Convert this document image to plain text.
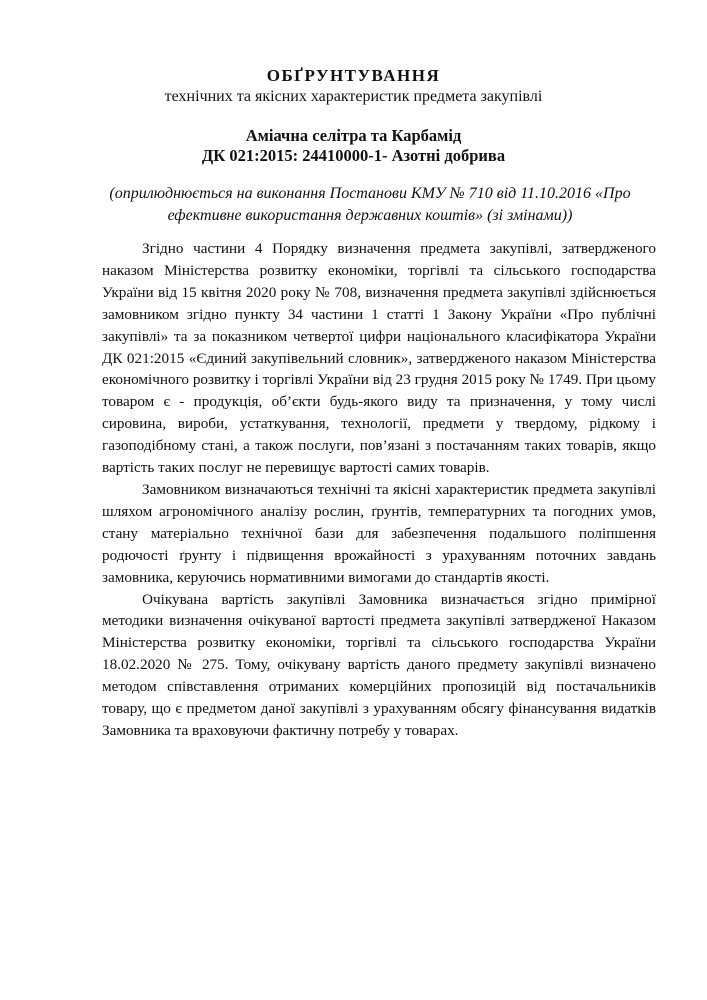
ОБҐРУНТУВАННЯ
технічних та якісних характеристик предмета закупівлі
Аміачна селітра та Карбамід
ДК 021:2015: 24410000-1- Азотні добрива
(оприлюднюється на виконання Постанови КМУ № 710 від 11.10.2016 «Про ефективне використання державних коштів» (зі змінами))

Згідно частини 4 Порядку визначення предмета закупівлі, затвердженого наказом Міністерства розвитку економіки, торгівлі та сільського господарства України від 15 квітня 2020 року № 708, визначення предмета закупівлі здійснюється замовником згідно пункту 34 частини 1 статті 1 Закону України «Про публічні закупівлі» та за показником четвертої цифри національного класифікатора України ДК 021:2015 «Єдиний закупівельний словник», затвердженого наказом Міністерства економічного розвитку і торгівлі України від 23 грудня 2015 року № 1749. При цьому товаром є - продукція, об’єкти будь-якого виду та призначення, у тому числі сировина, вироби, устаткування, технології, предмети у твердому, рідкому і газоподібному стані, а також послуги, пов’язані з постачанням таких товарів, якщо вартість таких послуг не перевищує вартості самих товарів.

Замовником визначаються технічні та якісні характеристик предмета закупівлі шляхом агрономічного аналізу рослин, ґрунтів, температурних та погодних умов, стану матеріально технічної бази для забезпечення подальшого поліпшення родючості ґрунту і підвищення врожайності з урахуванням поточних завдань замовника, керуючись нормативними вимогами до стандартів якості.

Очікувана вартість закупівлі Замовника визначається згідно примірної методики визначення очікуваної вартості предмета закупівлі затвердженої Наказом Міністерства розвитку економіки, торгівлі та сільського господарства України 18.02.2020 № 275. Тому, очікувану вартість даного предмету закупівлі визначено методом співставлення отриманих комерційних пропозицій від постачальників товару, що є предметом даної закупівлі з урахуванням обсягу фінансування видатків Замовника та враховуючи фактичну потребу у товарах.
